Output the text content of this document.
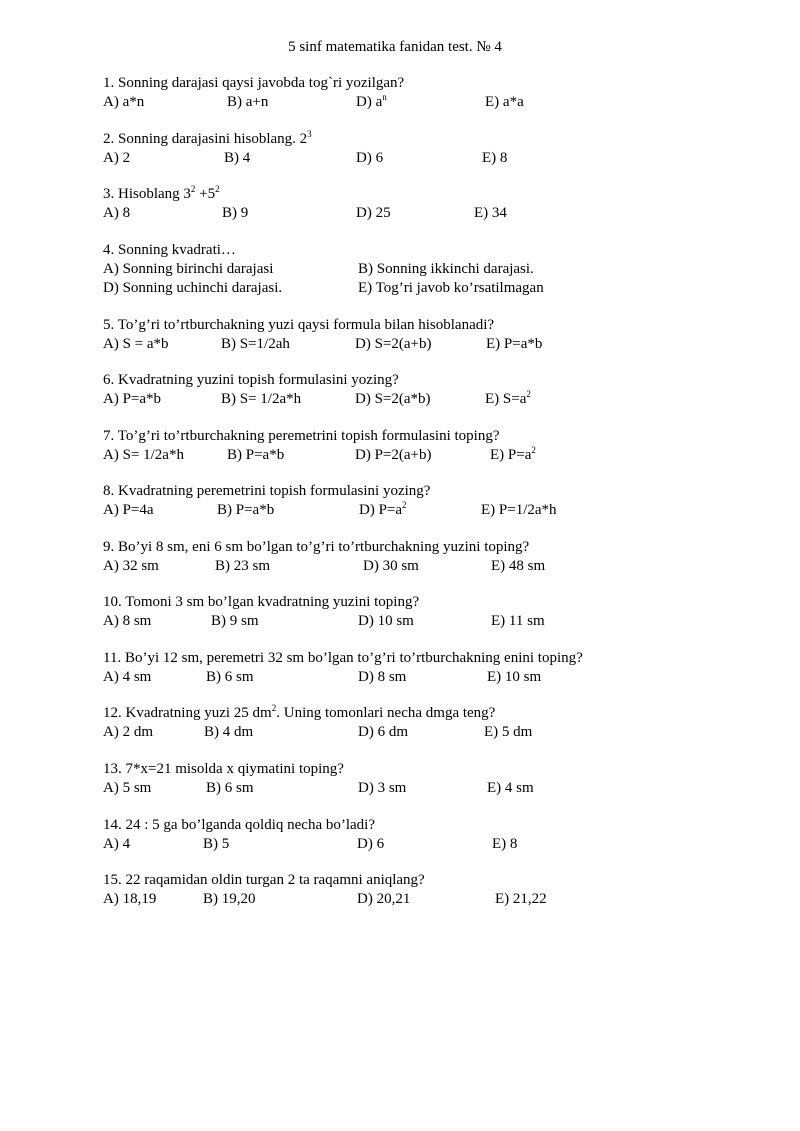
5 sinf matematika fanidan test. № 4
1. Sonning darajasi qaysi javobda tog`ri yozilgan?
A) a*n	B) a+n	D) $a^n$	E) a*a
2. Sonning darajasini hisoblang. $2^3$
A) 2	B) 4	D) 6	E) 8
3. Hisoblang $3^2 +5^2$
A) 8	B) 9	D) 25	E) 34
4. Sonning kvadrati…
A) Sonning birinchi darajasi	B) Sonning ikkinchi darajasi.
D) Sonning uchinchi darajasi.	E) Tog’ri javob ko’rsatilmagan
5. To’g’ri to’rtburchakning yuzi qaysi formula bilan hisoblanadi?
A) S = a*b	B) S=1/2ah	D) S=2(a+b)	E) P=a*b
6. Kvadratning yuzini topish formulasini yozing?
A) P=a*b	B) S= 1/2a*h	D) S=2(a*b)	E) $S=a^2$
7. To’g’ri to’rtburchakning peremetrini topish formulasini toping?
A) S= 1/2a*h	B) P=a*b	D) P=2(a+b)	E) $P=a^2$
8. Kvadratning peremetrini topish formulasini yozing?
A) P=4a	B) P=a*b	D) $P=a^2$	E) P=1/2a*h
9. Bo’yi 8 sm, eni 6 sm bo’lgan to’g’ri to’rtburchakning yuzini toping?
A) 32 sm	B) 23 sm	D) 30 sm	E) 48 sm
10. Tomoni 3 sm bo’lgan kvadratning yuzini toping?
A) 8 sm	B) 9 sm	D) 10 sm	E) 11 sm
11. Bo’yi 12 sm, peremetri 32 sm bo’lgan to’g’ri to’rtburchakning enini toping?
A) 4 sm	B) 6 sm	D) 8 sm	E) 10 sm
12. Kvadratning yuzi 25 $dm^2$. Uning tomonlari necha dmga teng?
A) 2 dm	B) 4 dm	D) 6 dm	E) 5 dm
13. 7*x=21 misolda x qiymatini toping?
A) 5 sm	B) 6 sm	D) 3 sm	E) 4 sm
14. 24 : 5 ga bo’lganda qoldiq necha bo’ladi?
A) 4	B) 5	D) 6	E) 8
15. 22 raqamidan oldin turgan 2 ta raqamni aniqlang?
A) 18,19	B) 19,20	D) 20,21	E) 21,22
